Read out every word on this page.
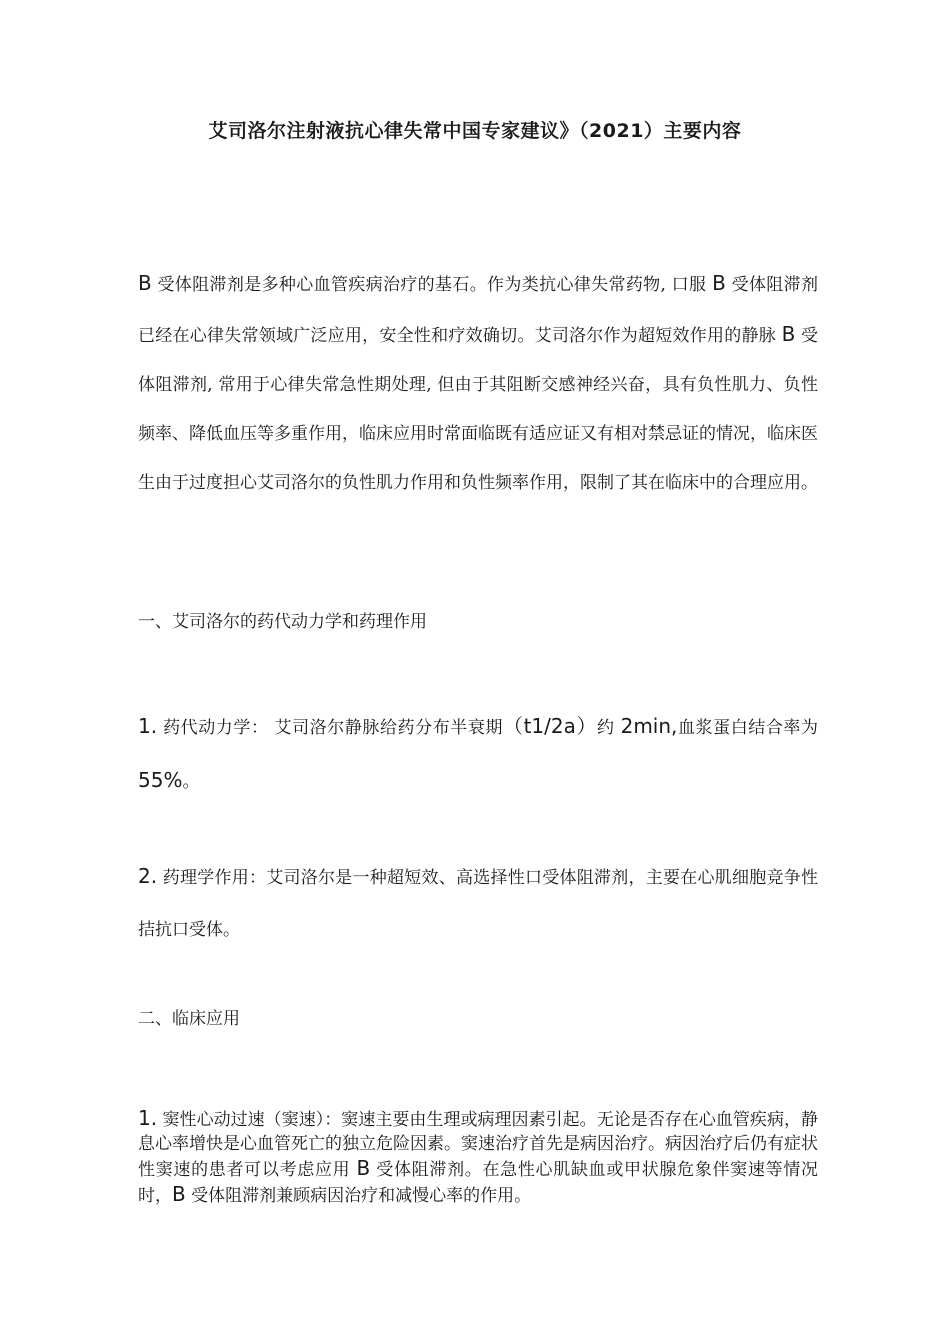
艾司洛尔注射液抗心律失常中国专家建议》（2021）主要内容

B 受体阻滞剂是多种心血管疾病治疗的基石。作为类抗心律失常药物, 口服 B 受体阻滞剂已经在心律失常领域广泛应用，安全性和疗效确切。艾司洛尔作为超短效作用的静脉 B 受体阻滞剂, 常用于心律失常急性期处理, 但由于其阻断交感神经兴奋，具有负性肌力、负性频率、降低血压等多重作用，临床应用时常面临既有适应证又有相对禁忌证的情况，临床医生由于过度担心艾司洛尔的负性肌力作用和负性频率作用，限制了其在临床中的合理应用。

一、艾司洛尔的药代动力学和药理作用

1. 药代动力学： 艾司洛尔静脉给药分布半衰期（t1/2a）约 2min,血浆蛋白结合率为55%。

2. 药理学作用：艾司洛尔是一种超短效、高选择性口受体阻滞剂，主要在心肌细胞竞争性拮抗口受体。

二、临床应用

1. 窦性心动过速（窦速）：窦速主要由生理或病理因素引起。无论是否存在心血管疾病，静息心率增快是心血管死亡的独立危险因素。窦速治疗首先是病因治疗。病因治疗后仍有症状性窦速的患者可以考虑应用 B 受体阻滞剂。在急性心肌缺血或甲状腺危象伴窦速等情况时，B 受体阻滞剂兼顾病因治疗和减慢心率的作用。
